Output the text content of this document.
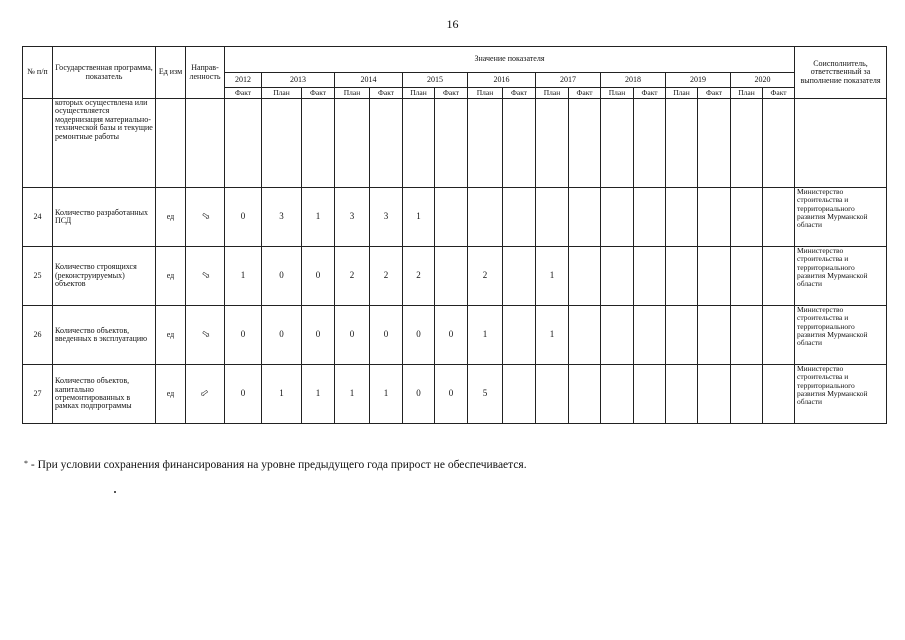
16
№ п/п	Государственная программа, показатель	Ед изм	Направ-ленность	Значение показателя																	Соисполнитель, ответственный за выполнение показателя
				2012	2013		2014		2015		2016		2017		2018		2019		2020		
				Факт	План	Факт	План	Факт	План	Факт	План	Факт	План	Факт	План	Факт	План	Факт	План	Факт	
	которых осуществлена или осуществляется модернизация материально-технической базы и текущие ремонтные работы																				
24	Количество разработанных ПСД	ед	⇨	0	3	1	3	3	1												Министерство строительства и территориального развития Мурманской области
25	Количество строящихся (реконструируемых) объектов	ед	⇨	1	0	0	2	2	2		2		1								Министерство строительства и территориального развития Мурманской области
26	Количество объектов, введенных в эксплуатацию	ед	⇨	0	0	0	0	0	0	0	1		1								Министерство строительства и территориального развития Мурманской области
27	Количество объектов, капитально отремонтированных в рамках подпрограммы	ед	⇦	0	1	1	1	1	0	0	5										Министерство строительства и территориального развития Мурманской области
* - При условии сохранения финансирования на уровне предыдущего года прирост не обеспечивается.
